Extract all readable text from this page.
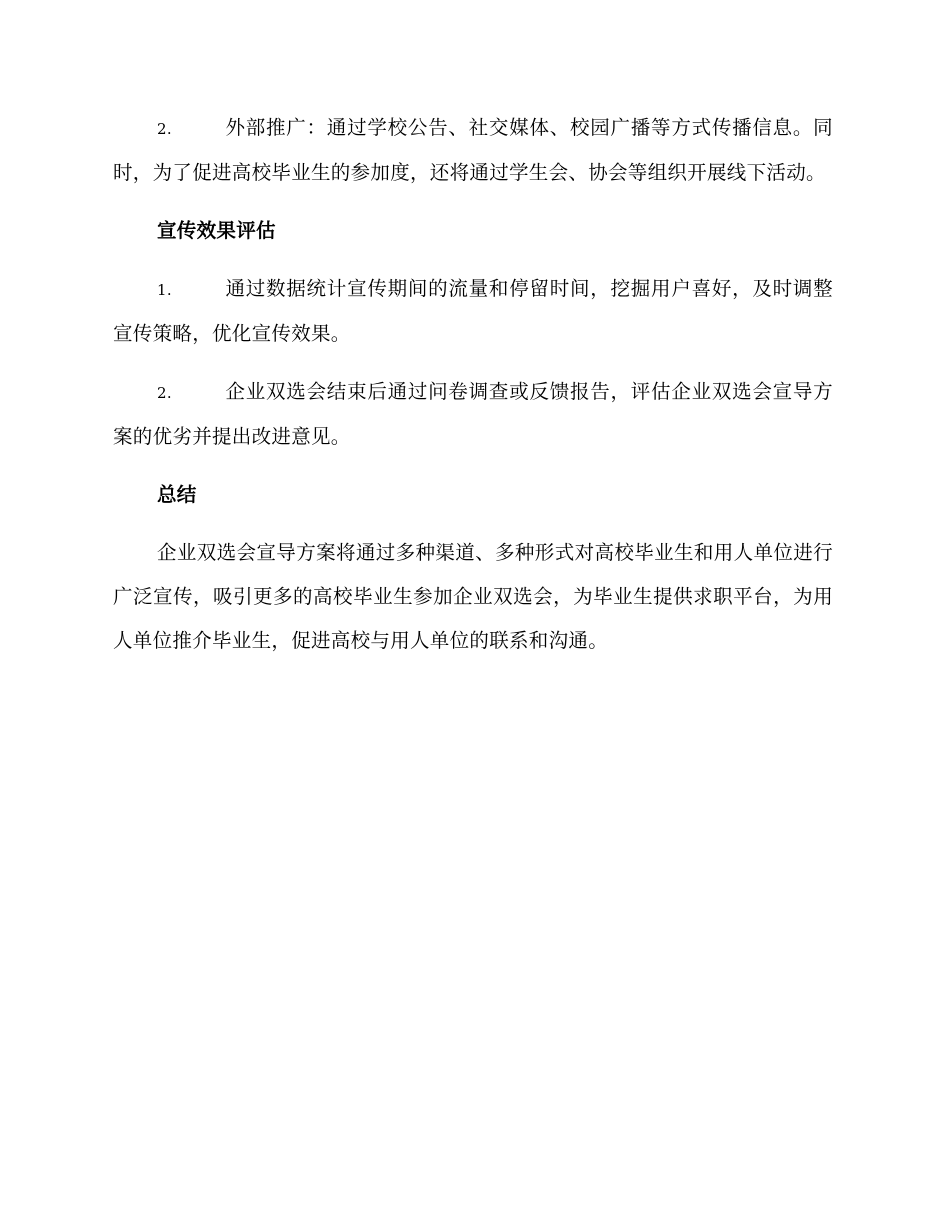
2.	外部推广：通过学校公告、社交媒体、校园广播等方式传播信息。同时，为了促进高校毕业生的参加度，还将通过学生会、协会等组织开展线下活动。

宣传效果评估

1.	通过数据统计宣传期间的流量和停留时间，挖掘用户喜好，及时调整宣传策略，优化宣传效果。

2.	企业双选会结束后通过问卷调查或反馈报告，评估企业双选会宣导方案的优劣并提出改进意见。

总结

企业双选会宣导方案将通过多种渠道、多种形式对高校毕业生和用人单位进行广泛宣传，吸引更多的高校毕业生参加企业双选会，为毕业生提供求职平台，为用人单位推介毕业生，促进高校与用人单位的联系和沟通。
